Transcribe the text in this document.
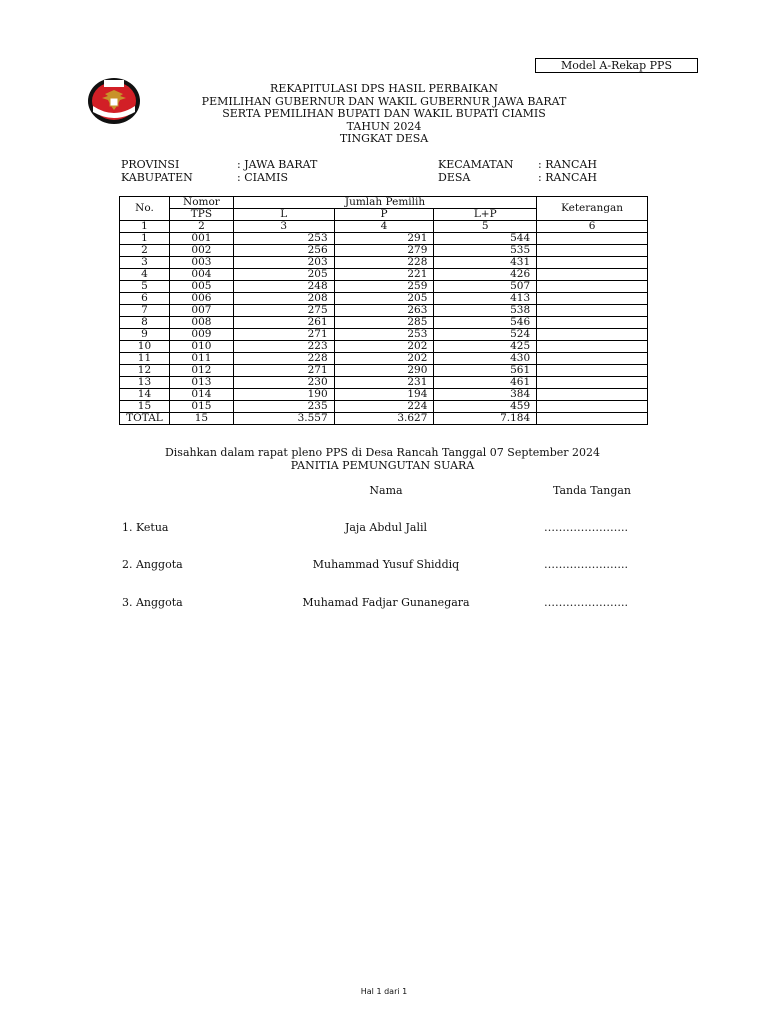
Model A-Rekap PPS
REKAPITULASI DPS HASIL PERBAIKAN
PEMILIHAN GUBERNUR DAN WAKIL GUBERNUR JAWA BARAT
SERTA PEMILIHAN BUPATI DAN WAKIL BUPATI CIAMIS
TAHUN 2024
TINGKAT DESA
PROVINSI	: JAWA BARAT
KABUPATEN	: CIAMIS
KECAMATAN : RANCAH
DESA	: RANCAH
No.	Nomor	Jumlah Pemilih			Keterangan
	TPS	L	P	L+P	
1	2	3	4	5	6
1	001	253	291	544	
2	002	256	279	535	
3	003	203	228	431	
4	004	205	221	426	
5	005	248	259	507	
6	006	208	205	413	
7	007	275	263	538	
8	008	261	285	546	
9	009	271	253	524	
10	010	223	202	425	
11	011	228	202	430	
12	012	271	290	561	
13	013	230	231	461	
14	014	190	194	384	
15	015	235	224	459	
TOTAL	15	3.557	3.627	7.184	
Disahkan dalam rapat pleno PPS di Desa Rancah Tanggal 07 September 2024
PANITIA PEMUNGUTAN SUARA
Nama	Tanda Tangan
1. Ketua	Jaja Abdul Jalil	…………………..
2. Anggota	Muhammad Yusuf Shiddiq	…………………..
3. Anggota	Muhamad Fadjar Gunanegara	…………………..
Hal 1 dari 1
